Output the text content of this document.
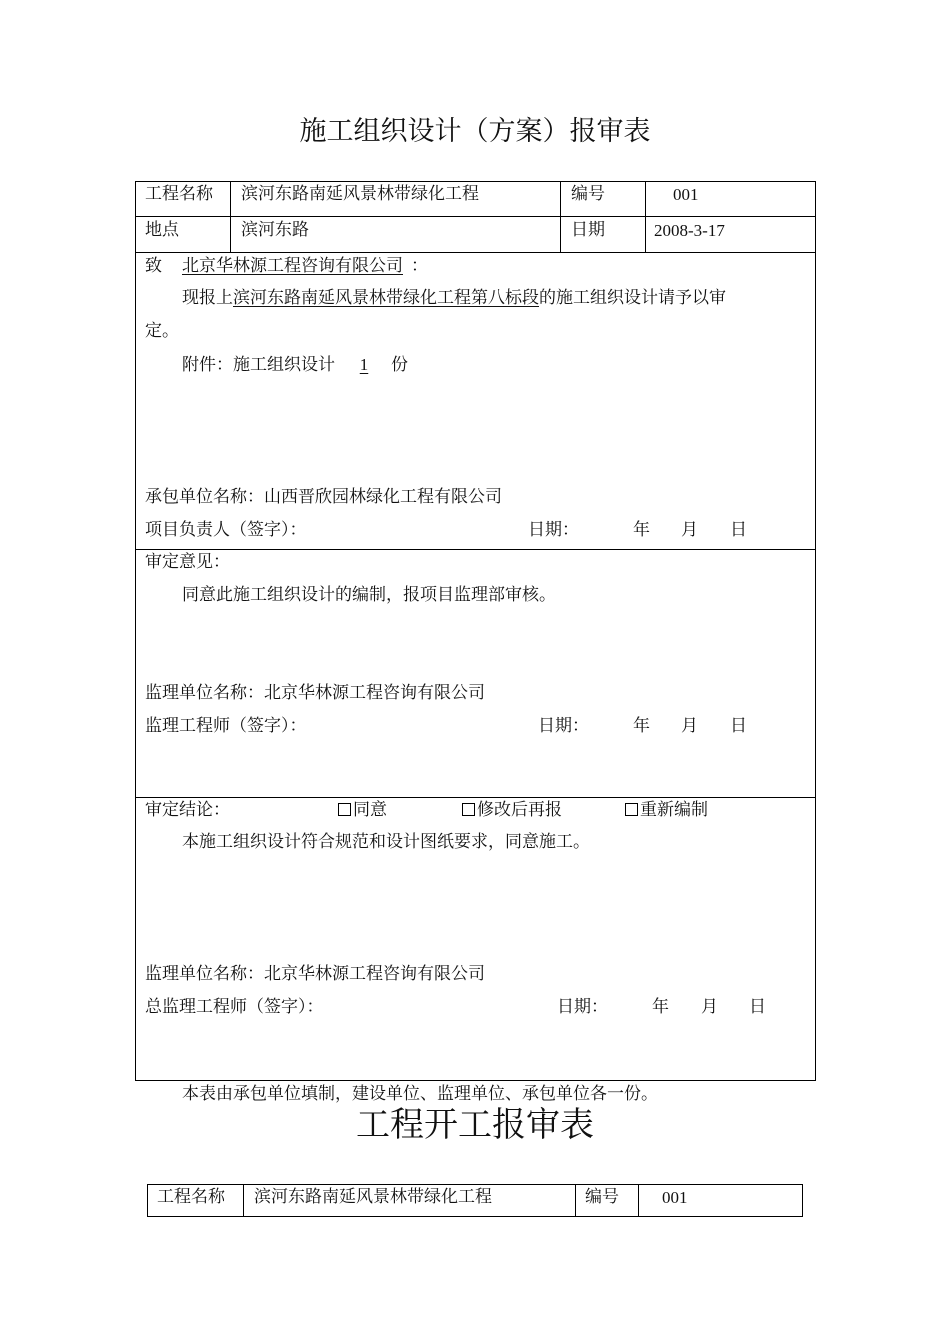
施工组织设计（方案）报审表
工程名称 滨河东路南延风景林带绿化工程	编号	001
地点	滨河东路	日期	2008-3-17
致 北京华林源工程咨询有限公司 ：
现报上滨河东路南延风景林带绿化工程第八标段的施工组织设计请予以审
定。
附件：施工组织设计 1 份
承包单位名称：山西晋欣园林绿化工程有限公司
项目负责人（签字）：	日期：	年 月 日
审定意见：
同意此施工组织设计的编制，报项目监理部审核。
监理单位名称：北京华林源工程咨询有限公司
监理工程师（签字）：	日期：	年 月 日
审定结论：	同意	修改后再报	重新编制
本施工组织设计符合规范和设计图纸要求，同意施工。
监理单位名称：北京华林源工程咨询有限公司
总监理工程师（签字）：	日期：	年 月 日
本表由承包单位填制，建设单位、监理单位、承包单位各一份。
工程开工报审表
工程名称 滨河东路南延风景林带绿化工程	编号	001
